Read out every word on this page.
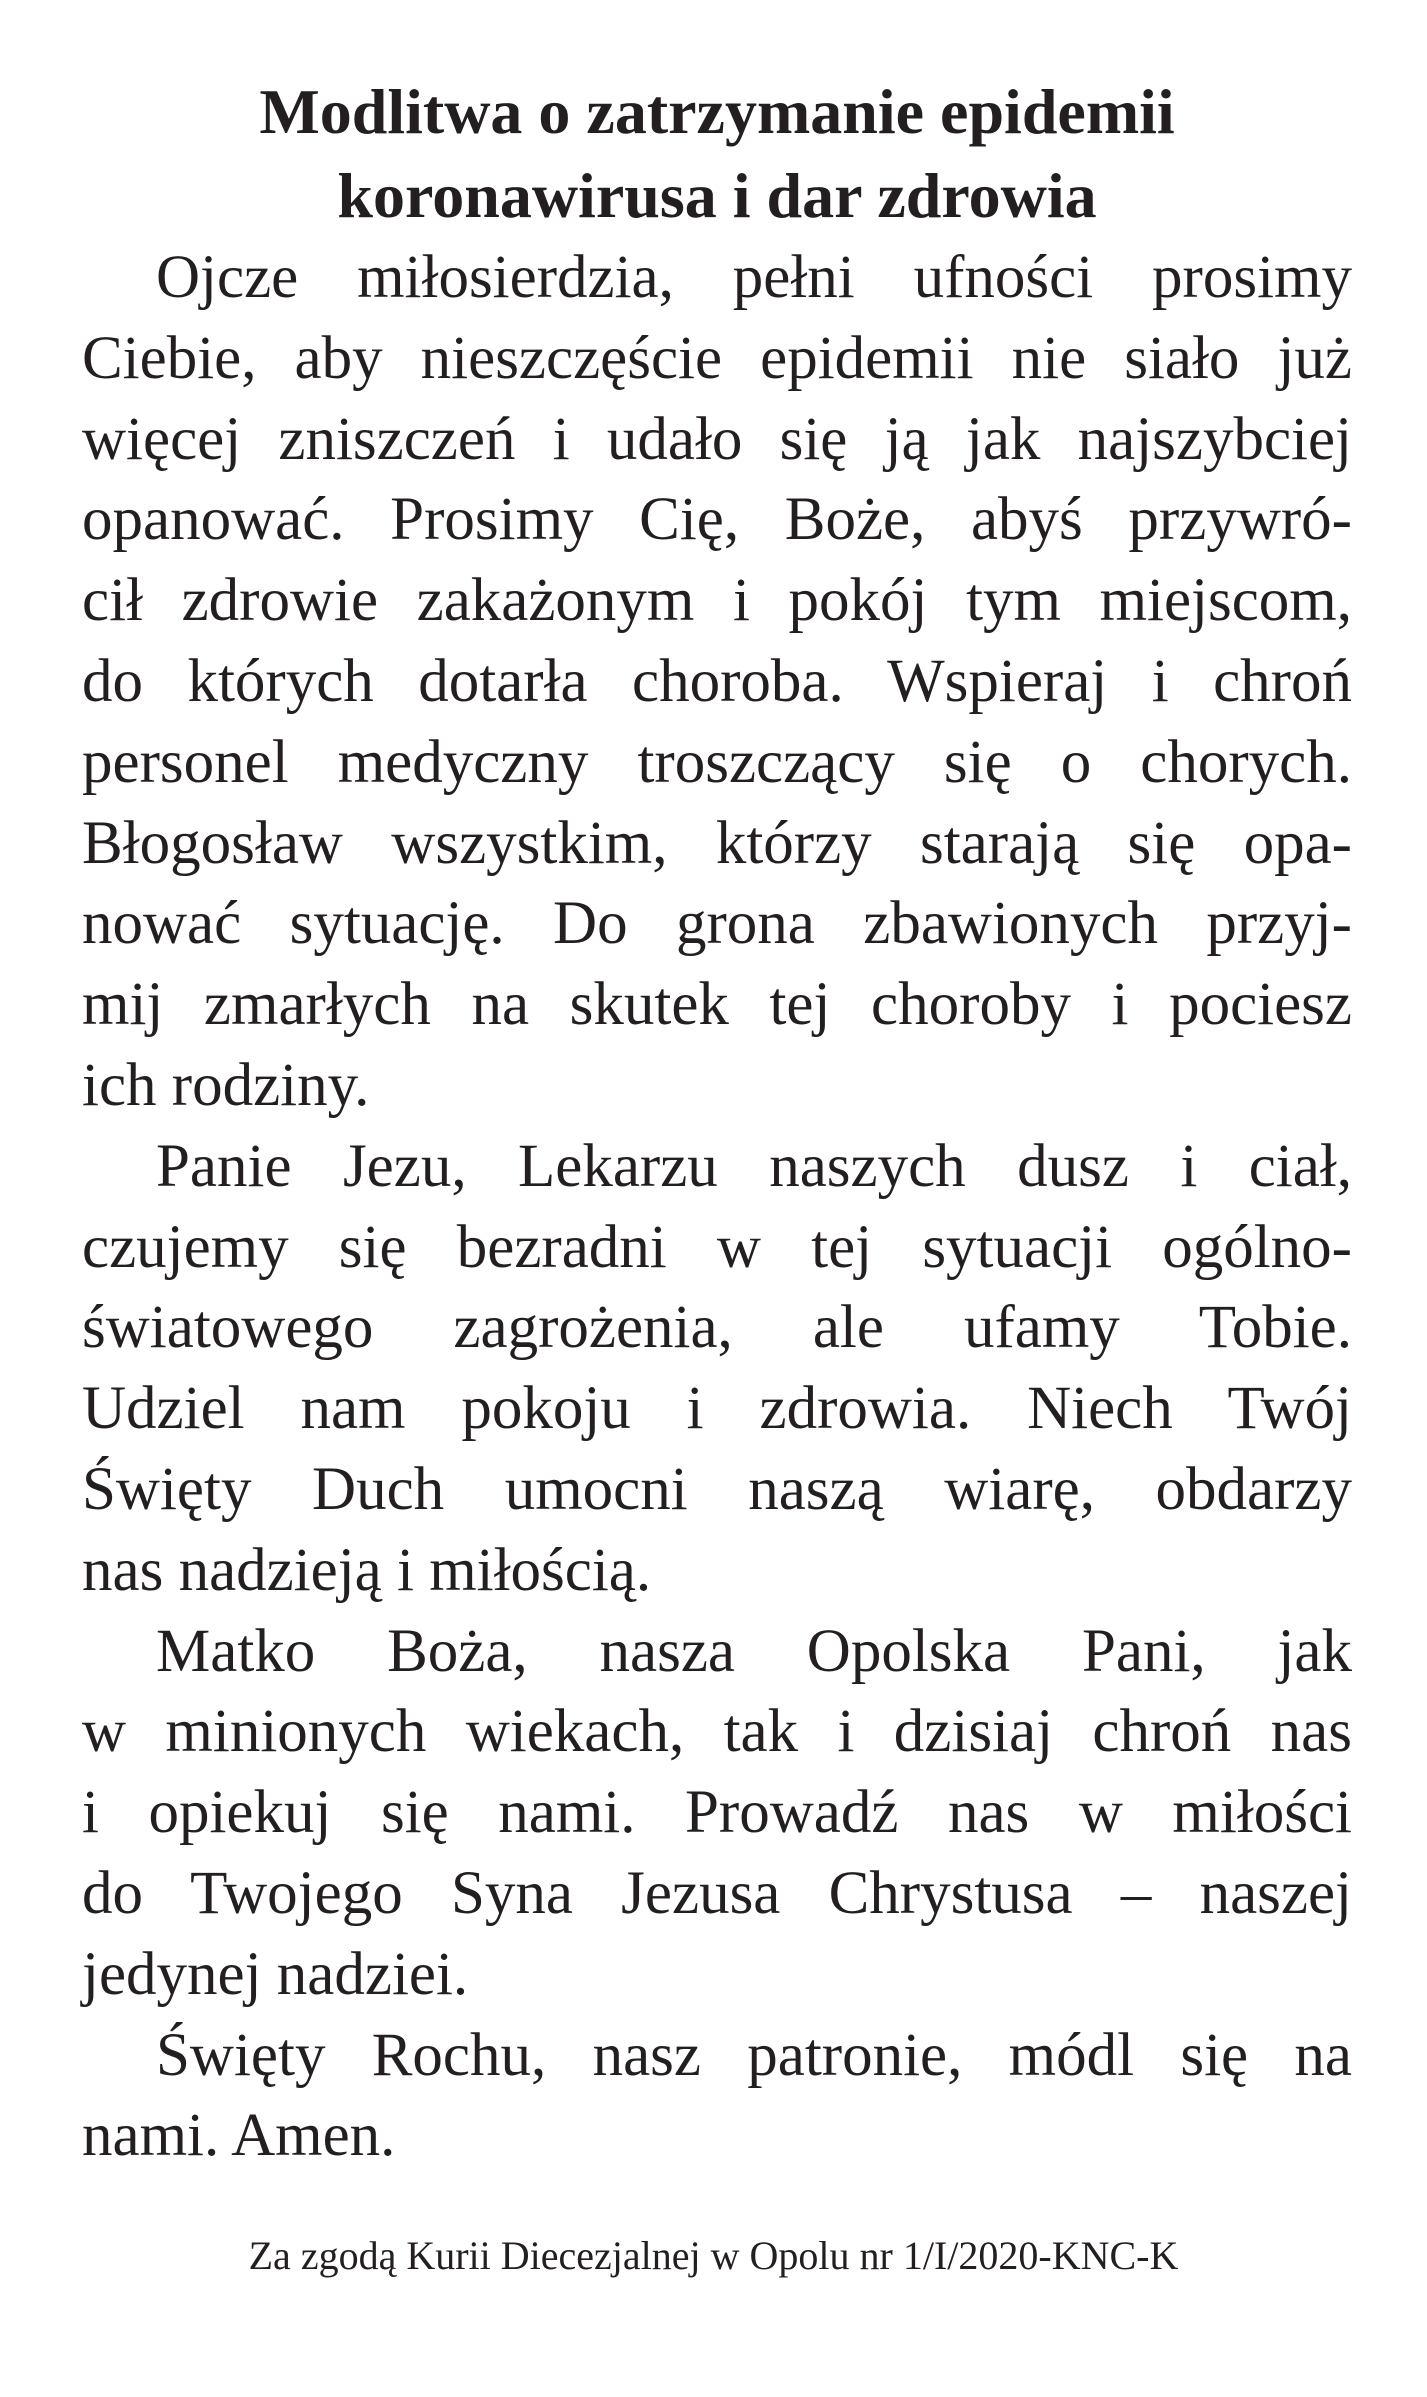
Modlitwa o zatrzymanie epidemii
koronawirusa i dar zdrowia
Ojcze miłosierdzia, pełni ufności prosimy
Ciebie, aby nieszczęście epidemii nie siało już
więcej zniszczeń i udało się ją jak najszybciej
opanować. Prosimy Cię, Boże, abyś przywró-
cił zdrowie zakażonym i pokój tym miejscom,
do których dotarła choroba. Wspieraj i chroń
personel medyczny troszczący się o chorych.
Błogosław wszystkim, którzy starają się opa-
nować sytuację. Do grona zbawionych przyj-
mij zmarłych na skutek tej choroby i pociesz
ich rodziny.
Panie Jezu, Lekarzu naszych dusz i ciał,
czujemy się bezradni w tej sytuacji ogólno-
światowego zagrożenia, ale ufamy Tobie.
Udziel nam pokoju i zdrowia. Niech Twój
Święty Duch umocni naszą wiarę, obdarzy
nas nadzieją i miłością.
Matko Boża, nasza Opolska Pani, jak
w minionych wiekach, tak i dzisiaj chroń nas
i opiekuj się nami. Prowadź nas w miłości
do Twojego Syna Jezusa Chrystusa – naszej
jedynej nadziei.
Święty Rochu, nasz patronie, módl się na
nami. Amen.
Za zgodą Kurii Diecezjalnej w Opolu nr 1/I/2020-KNC-K
